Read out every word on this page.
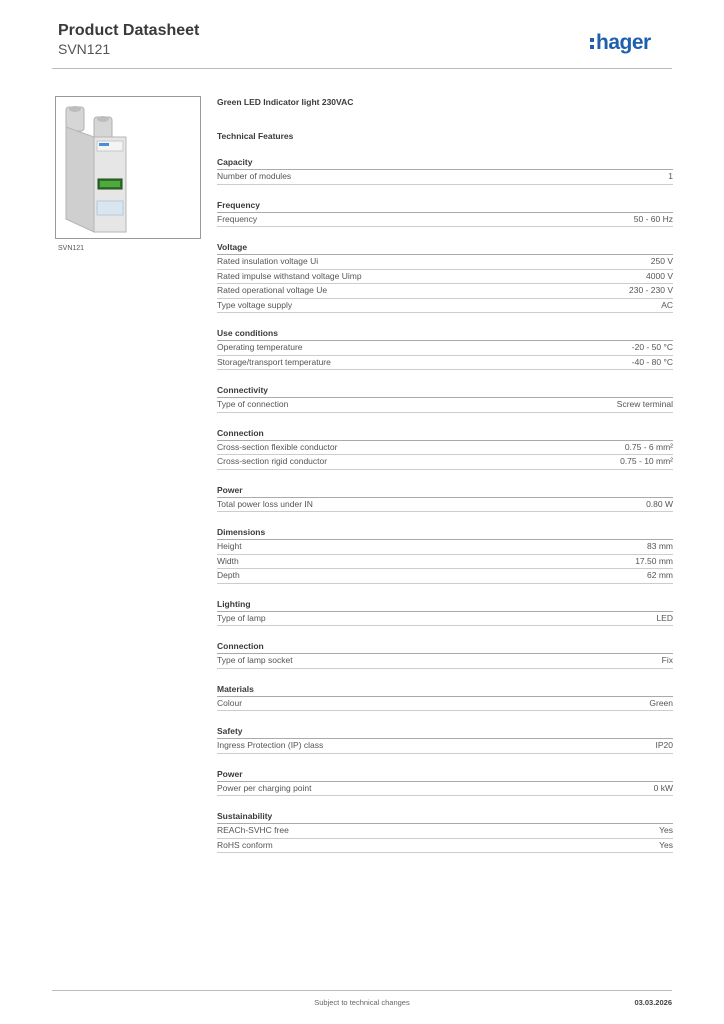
Product Datasheet
SVN121	hager
SVN121
Green LED Indicator light 230VAC
Technical Features
Capacity
Number of modules	1
Frequency
Frequency	50 - 60 Hz
Voltage
Rated insulation voltage Ui	250 V
Rated impulse withstand voltage Uimp	4000 V
Rated operational voltage Ue	230 - 230 V
Type voltage supply	AC
Use conditions
Operating temperature	-20 - 50 °C
Storage/transport temperature	-40 - 80 °C
Connectivity
Type of connection	Screw terminal
Connection
Cross-section flexible conductor	0.75 - 6 mm²
Cross-section rigid conductor	0.75 - 10 mm²
Power
Total power loss under IN	0.80 W
Dimensions
Height	83 mm
Width	17.50 mm
Depth	62 mm
Lighting
Type of lamp	LED
Connection
Type of lamp socket	Fix
Materials
Colour	Green
Safety
Ingress Protection (IP) class	IP20
Power
Power per charging point	0 kW
Sustainability
REACh-SVHC free	Yes
RoHS conform	Yes
Subject to technical changes	03.03.2026
